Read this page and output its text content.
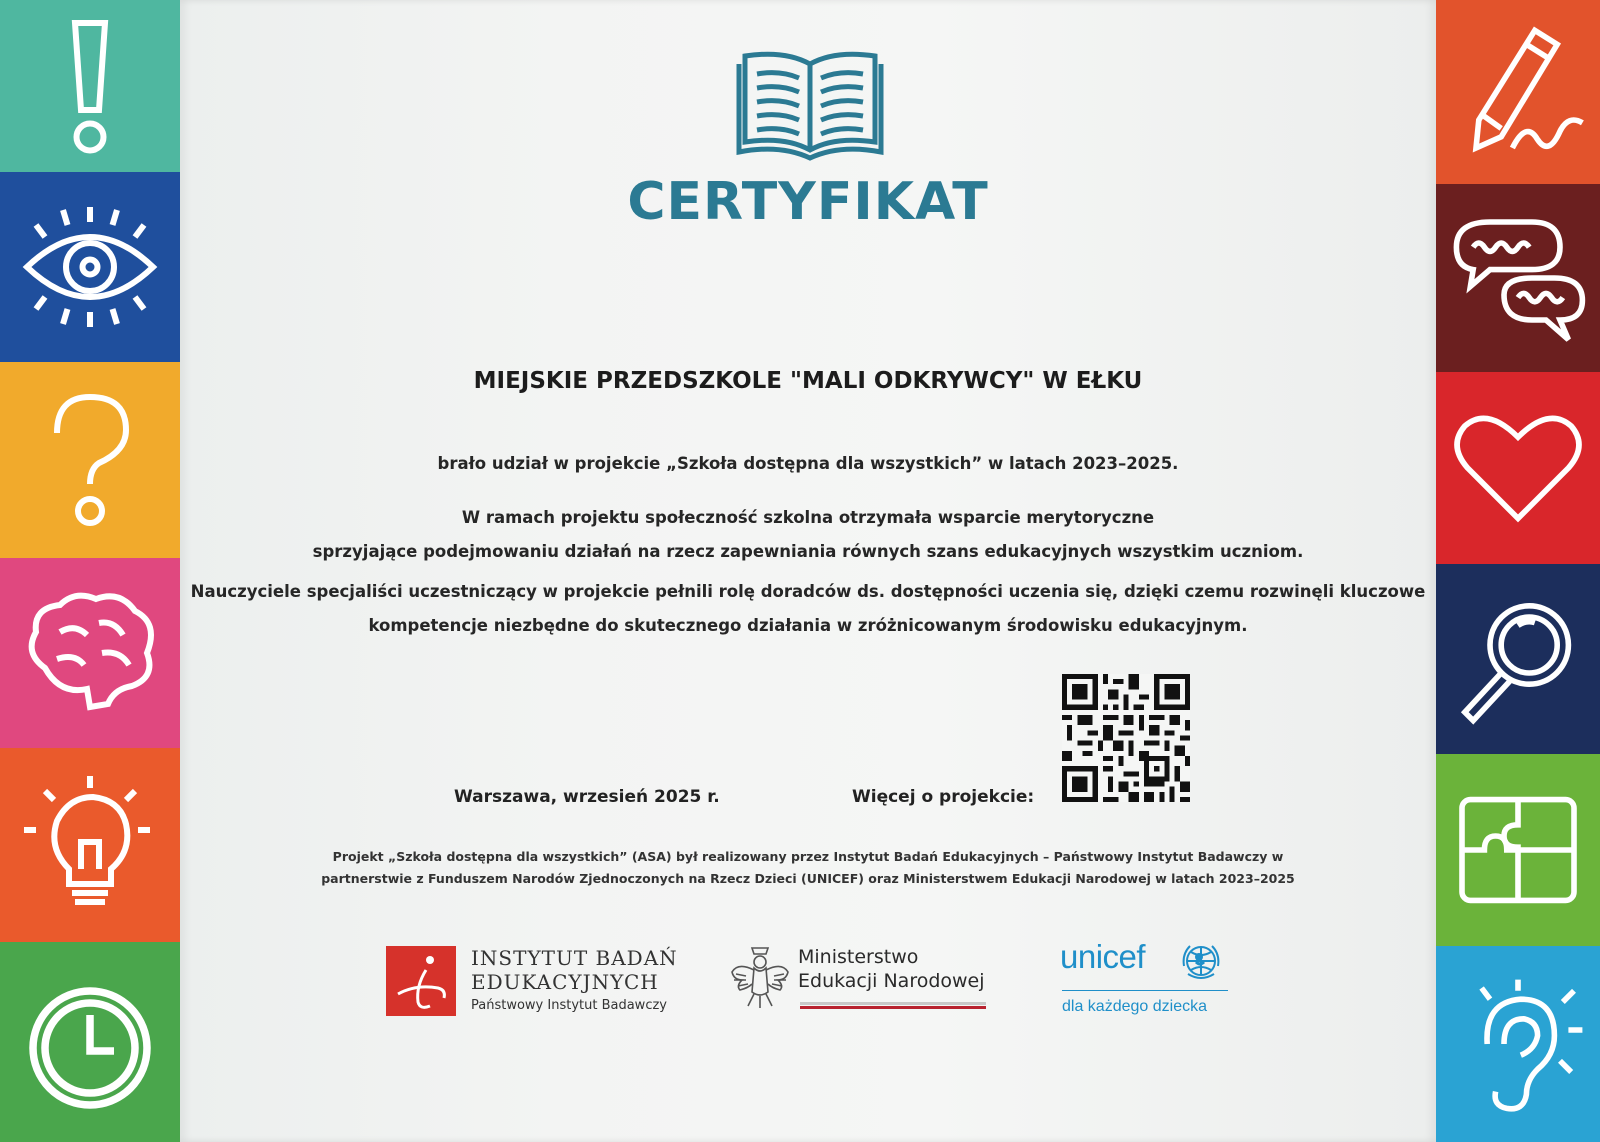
CERTYFIKAT
MIEJSKIE PRZEDSZKOLE "MALI ODKRYWCY" W EŁKU
brało udział w projekcie „Szkoła dostępna dla wszystkich” w latach 2023–2025.
W ramach projektu społeczność szkolna otrzymała wsparcie merytoryczne
sprzyjające podejmowaniu działań na rzecz zapewniania równych szans edukacyjnych wszystkim uczniom.
Nauczyciele specjaliści uczestniczący w projekcie pełnili rolę doradców ds. dostępności uczenia się, dzięki czemu rozwinęli kluczowe
kompetencje niezbędne do skutecznego działania w zróżnicowanym środowisku edukacyjnym.
Warszawa, wrzesień 2025 r.	Więcej o projekcie:
Projekt „Szkoła dostępna dla wszystkich” (ASA) był realizowany przez Instytut Badań Edukacyjnych – Państwowy Instytut Badawczy w
partnerstwie z Funduszem Narodów Zjednoczonych na Rzecz Dzieci (UNICEF) oraz Ministerstwem Edukacji Narodowej w latach 2023–2025
INSTYTUT BADAŃ
EDUKACYJNYCH
Państwowy Instytut Badawczy
Ministerstwo
Edukacji Narodowej
unicef
dla każdego dziecka
